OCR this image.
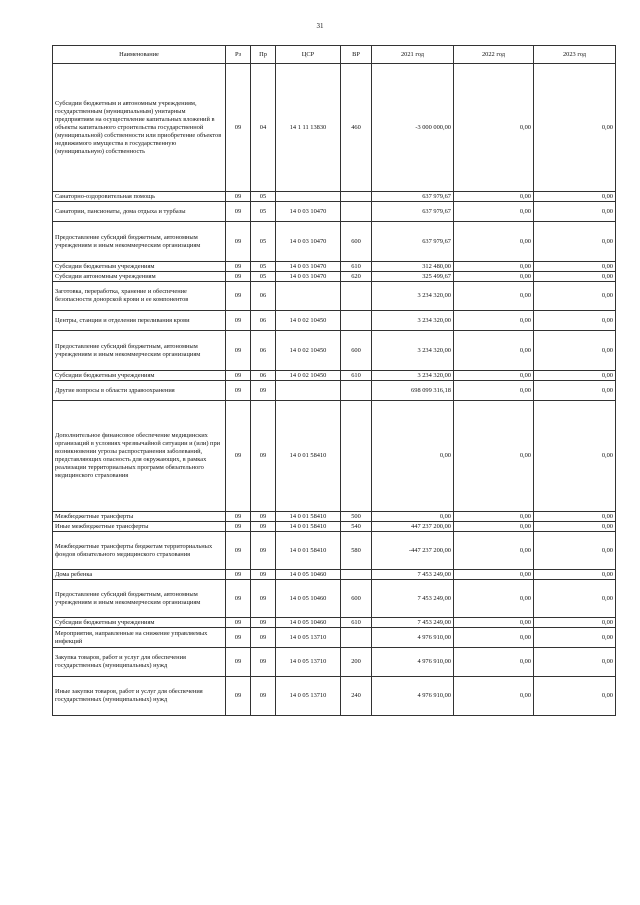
31
Наименование	Рз	Пр	ЦСР	ВР	2021 год	2022 год	2023 год
Субсидии бюджетным и автономным учреждениям, государственным (муниципальным) унитарным предприятиям на осуществление капитальных вложений в объекты капитального строительства государственной (муниципальной) собственности или приобретение объектов недвижимого имущества в государственную (муниципальную) собственность	09	04	14 1 11 13830	460	-3 000 000,00	0,00	0,00
Санаторно-оздоровительная помощь	09	05			637 979,67	0,00	0,00
Санатории, пансионаты, дома отдыха и турбазы	09	05	14 0 03 10470		637 979,67	0,00	0,00
Предоставление субсидий бюджетным, автономным учреждениям и иным некоммерческим организациям	09	05	14 0 03 10470	600	637 979,67	0,00	0,00
Субсидии бюджетным учреждениям	09	05	14 0 03 10470	610	312 480,00	0,00	0,00
Субсидии автономным учреждениям	09	05	14 0 03 10470	620	325 499,67	0,00	0,00
Заготовка, переработка, хранение и обеспечение безопасности донорской крови и ее компонентов	09	06			3 234 320,00	0,00	0,00
Центры, станции и отделения переливания крови	09	06	14 0 02 10450		3 234 320,00	0,00	0,00
Предоставление субсидий бюджетным, автономным учреждениям и иным некоммерческим организациям	09	06	14 0 02 10450	600	3 234 320,00	0,00	0,00
Субсидии бюджетным учреждениям	09	06	14 0 02 10450	610	3 234 320,00	0,00	0,00
Другие вопросы в области здравоохранения	09	09			698 099 316,18	0,00	0,00
Дополнительное финансовое обеспечение медицинских организаций в условиях чрезвычайной ситуации и (или) при возникновении угрозы распространения заболеваний, представляющих опасность для окружающих, в рамках реализации территориальных программ обязательного медицинского страхования	09	09	14 0 01 58410		0,00	0,00	0,00
Межбюджетные трансферты	09	09	14 0 01 58410	500	0,00	0,00	0,00
Иные межбюджетные трансферты	09	09	14 0 01 58410	540	447 237 200,00	0,00	0,00
Межбюджетные трансферты бюджетам территориальных фондов обязательного медицинского страхования	09	09	14 0 01 58410	580	-447 237 200,00	0,00	0,00
Дома ребенка	09	09	14 0 05 10460		7 453 249,00	0,00	0,00
Предоставление субсидий бюджетным, автономным учреждениям и иным некоммерческим организациям	09	09	14 0 05 10460	600	7 453 249,00	0,00	0,00
Субсидии бюджетным учреждениям	09	09	14 0 05 10460	610	7 453 249,00	0,00	0,00
Мероприятия, направленные на снижение управляемых инфекций	09	09	14 0 05 13710		4 976 910,00	0,00	0,00
Закупка товаров, работ и услуг для обеспечения государственных (муниципальных) нужд	09	09	14 0 05 13710	200	4 976 910,00	0,00	0,00
Иные закупки товаров, работ и услуг для обеспечения государственных (муниципальных) нужд	09	09	14 0 05 13710	240	4 976 910,00	0,00	0,00
